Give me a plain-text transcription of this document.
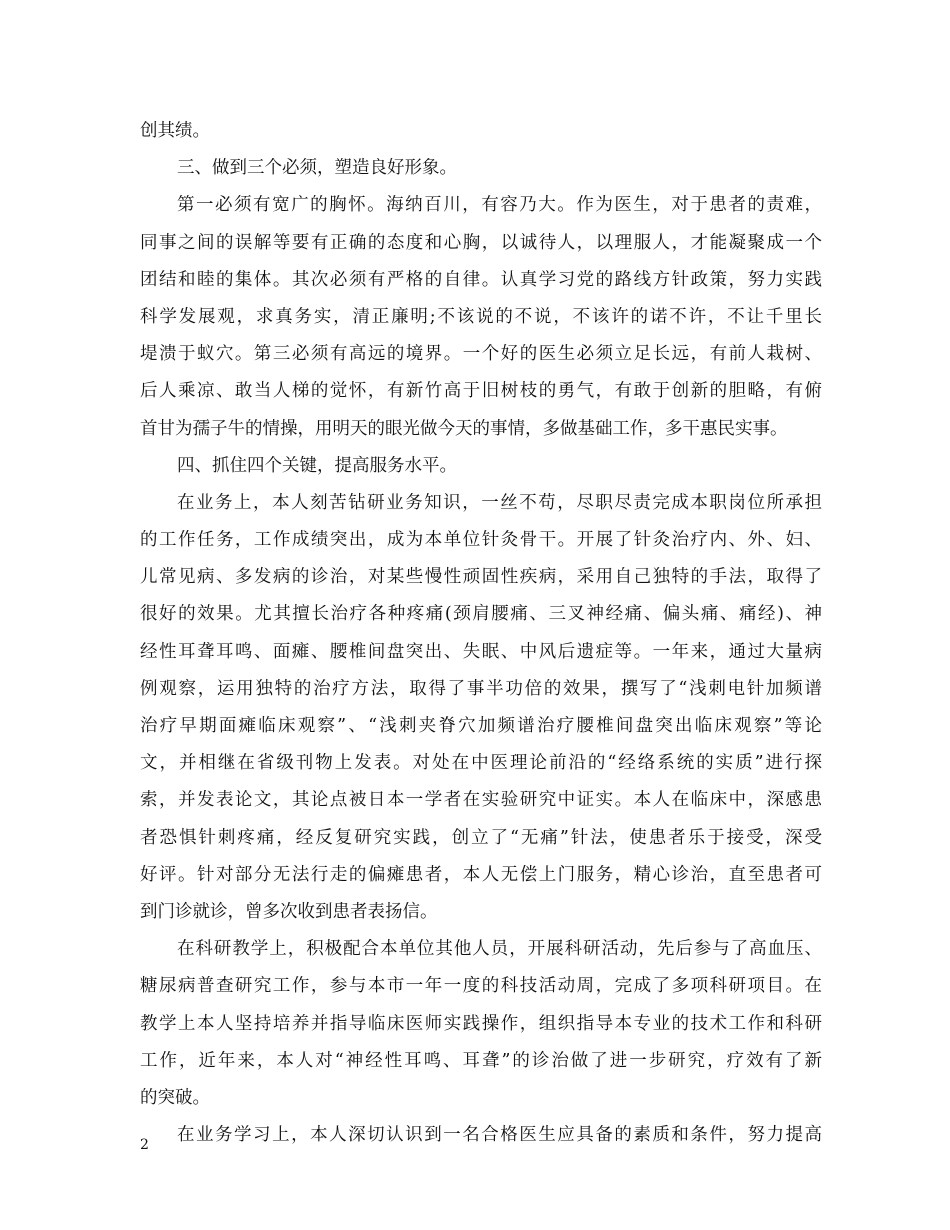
创其绩。
三、做到三个必须，塑造良好形象。
第一必须有宽广的胸怀。海纳百川，有容乃大。作为医生，对于患者的责难，
同事之间的误解等要有正确的态度和心胸，以诚待人，以理服人，才能凝聚成一个
团结和睦的集体。其次必须有严格的自律。认真学习党的路线方针政策，努力实践
科学发展观，求真务实，清正廉明;不该说的不说，不该许的诺不许，不让千里长
堤溃于蚁穴。第三必须有高远的境界。一个好的医生必须立足长远，有前人栽树、
后人乘凉、敢当人梯的觉怀，有新竹高于旧树枝的勇气，有敢于创新的胆略，有俯
首甘为孺子牛的情操，用明天的眼光做今天的事情，多做基础工作，多干惠民实事。
四、抓住四个关键，提高服务水平。
在业务上，本人刻苦钻研业务知识，一丝不苟，尽职尽责完成本职岗位所承担
的工作任务，工作成绩突出，成为本单位针灸骨干。开展了针灸治疗内、外、妇、
儿常见病、多发病的诊治，对某些慢性顽固性疾病，采用自己独特的手法，取得了
很好的效果。尤其擅长治疗各种疼痛(颈肩腰痛、三叉神经痛、偏头痛、痛经)、神
经性耳聋耳鸣、面瘫、腰椎间盘突出、失眠、中风后遗症等。一年来，通过大量病
例观察，运用独特的治疗方法，取得了事半功倍的效果，撰写了“浅刺电针加频谱
治疗早期面瘫临床观察”、“浅刺夹脊穴加频谱治疗腰椎间盘突出临床观察”等论
文，并相继在省级刊物上发表。对处在中医理论前沿的“经络系统的实质”进行探
索，并发表论文，其论点被日本一学者在实验研究中证实。本人在临床中，深感患
者恐惧针刺疼痛，经反复研究实践，创立了“无痛”针法，使患者乐于接受，深受
好评。针对部分无法行走的偏瘫患者，本人无偿上门服务，精心诊治，直至患者可
到门诊就诊，曾多次收到患者表扬信。
在科研教学上，积极配合本单位其他人员，开展科研活动，先后参与了高血压、
糖尿病普查研究工作，参与本市一年一度的科技活动周，完成了多项科研项目。在
教学上本人坚持培养并指导临床医师实践操作，组织指导本专业的技术工作和科研
工作，近年来，本人对“神经性耳鸣、耳聋”的诊治做了进一步研究，疗效有了新
的突破。
在业务学习上，本人深切认识到一名合格医生应具备的素质和条件，努力提高
2
